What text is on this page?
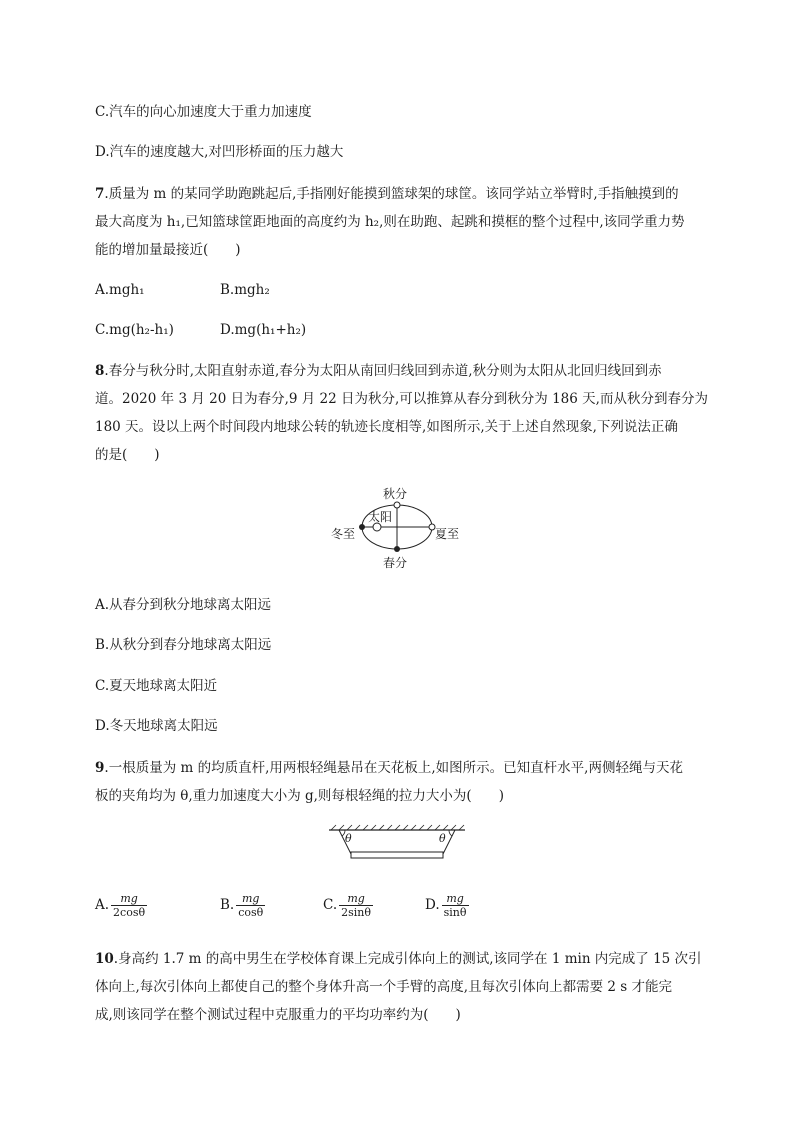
C.汽车的向心加速度大于重力加速度
D.汽车的速度越大,对凹形桥面的压力越大
7.质量为 m 的某同学助跑跳起后,手指刚好能摸到篮球架的球筐。该同学站立举臂时,手指触摸到的
最大高度为 h₁,已知篮球筐距地面的高度约为 h₂,则在助跑、起跳和摸框的整个过程中,该同学重力势
能的增加量最接近(　　)
A.mgh₁	B.mgh₂
C.mg(h₂-h₁)	D.mg(h₁+h₂)
8.春分与秋分时,太阳直射赤道,春分为太阳从南回归线回到赤道,秋分则为太阳从北回归线回到赤
道。2020 年 3 月 20 日为春分,9 月 22 日为秋分,可以推算从春分到秋分为 186 天,而从秋分到春分为
180 天。设以上两个时间段内地球公转的轨迹长度相等,如图所示,关于上述自然现象,下列说法正确
的是(　　)
秋分
太阳
冬至	夏至
春分
A.从春分到秋分地球离太阳远
B.从秋分到春分地球离太阳远
C.夏天地球离太阳近
D.冬天地球离太阳远
9.一根质量为 m 的均质直杆,用两根轻绳悬吊在天花板上,如图所示。已知直杆水平,两侧轻绳与天花
板的夹角均为 θ,重力加速度大小为 g,则每根轻绳的拉力大小为(　　)
θ	θ
A. $\frac{mg}{2\cos\theta}$	B. $\frac{mg}{\cos\theta}$	C. $\frac{mg}{2\sin\theta}$	D. $\frac{mg}{\sin\theta}$
10.身高约 1.7 m 的高中男生在学校体育课上完成引体向上的测试,该同学在 1 min 内完成了 15 次引
体向上,每次引体向上都使自己的整个身体升高一个手臂的高度,且每次引体向上都需要 2 s 才能完
成,则该同学在整个测试过程中克服重力的平均功率约为(　　)
